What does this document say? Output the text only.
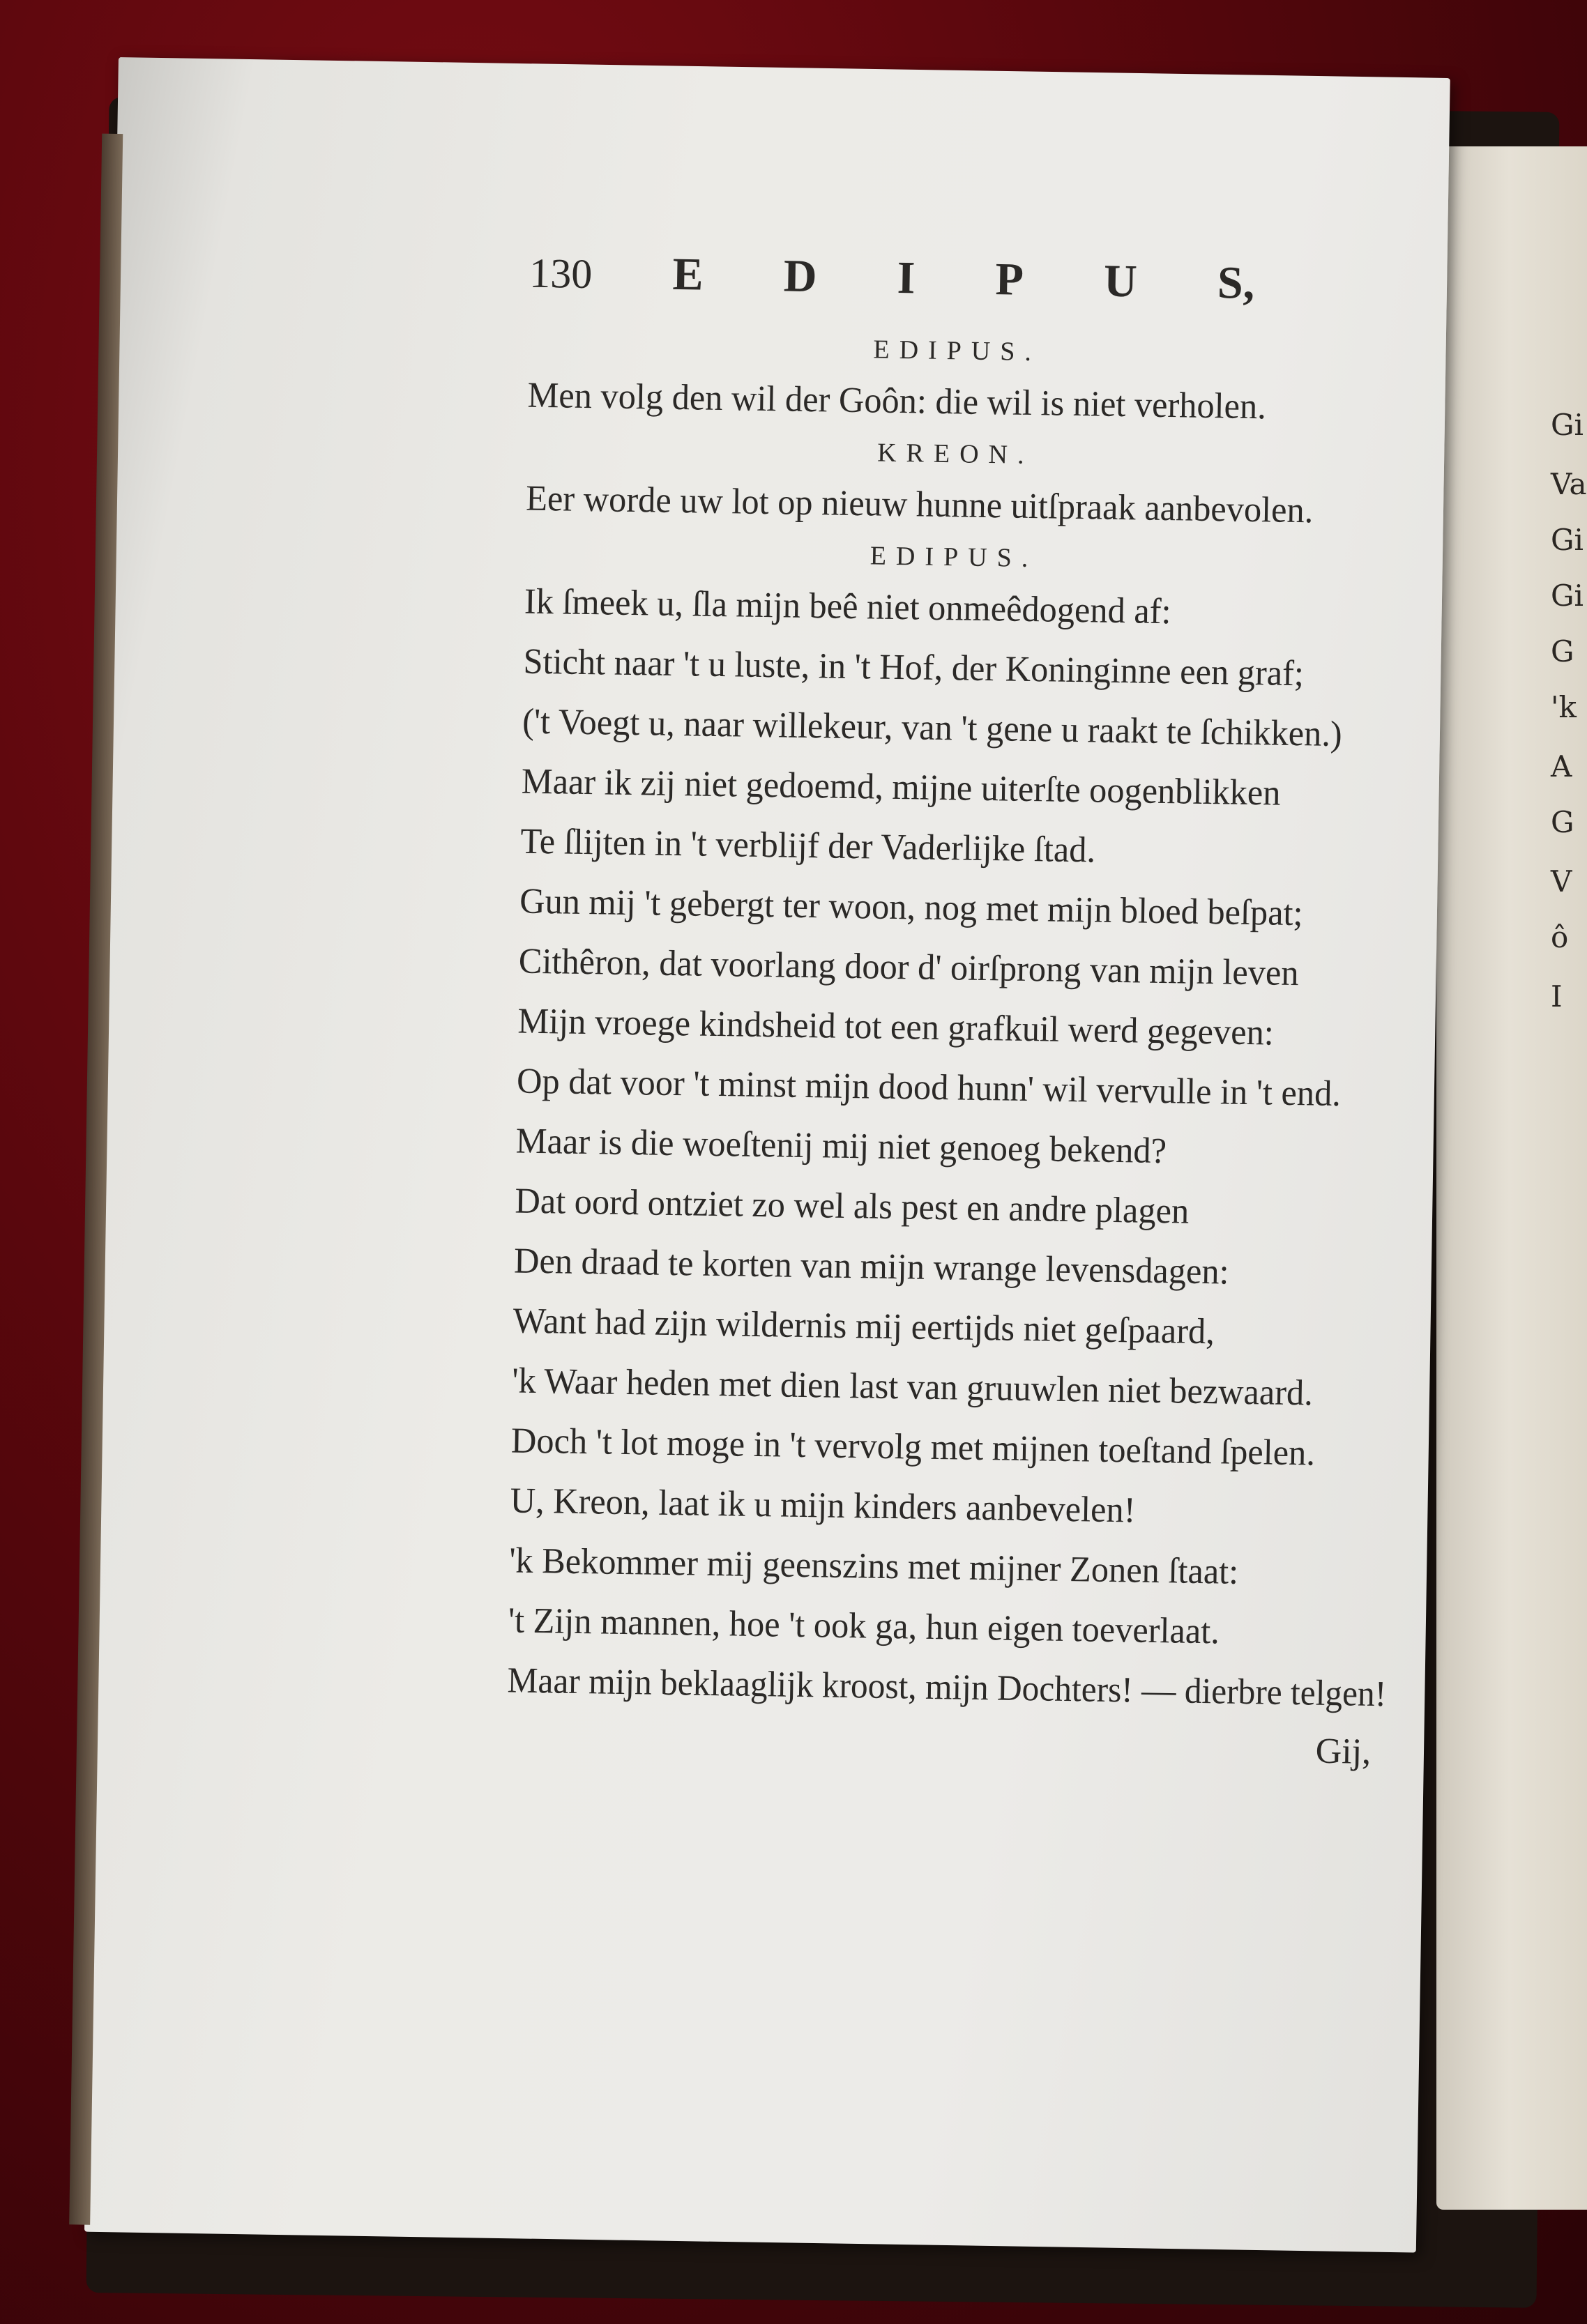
Gi
Va
Gi
Gi
G
'k
A
G
V
ô
I
130 E D I P U S,
EDIPUS.
Men volg den wil der Goôn: die wil is niet verholen.
KREON.
Eer worde uw lot op nieuw hunne uitſpraak aanbevolen.
EDIPUS.
Ik ſmeek u, ſla mijn beê niet onmeêdogend af:
Sticht naar 't u luste, in 't Hof, der Koninginne een graf;
('t Voegt u, naar willekeur, van 't gene u raakt te ſchikken.)
Maar ik zij niet gedoemd, mijne uiterſte oogenblikken
Te ſlijten in 't verblijf der Vaderlijke ſtad.
Gun mij 't gebergt ter woon, nog met mijn bloed beſpat;
Cithêron, dat voorlang door d' oirſprong van mijn leven
Mijn vroege kindsheid tot een grafkuil werd gegeven:
Op dat voor 't minst mijn dood hunn' wil vervulle in 't end.
Maar is die woeſtenij mij niet genoeg bekend?
Dat oord ontziet zo wel als pest en andre plagen
Den draad te korten van mijn wrange levensdagen:
Want had zijn wildernis mij eertijds niet geſpaard,
'k Waar heden met dien last van gruuwlen niet bezwaard.
Doch 't lot moge in 't vervolg met mijnen toeſtand ſpelen.
U, Kreon, laat ik u mijn kinders aanbevelen!
'k Bekommer mij geenszins met mijner Zonen ſtaat:
't Zijn mannen, hoe 't ook ga, hun eigen toeverlaat.
Maar mijn beklaaglijk kroost, mijn Dochters! — dierbre telgen!
Gij,
